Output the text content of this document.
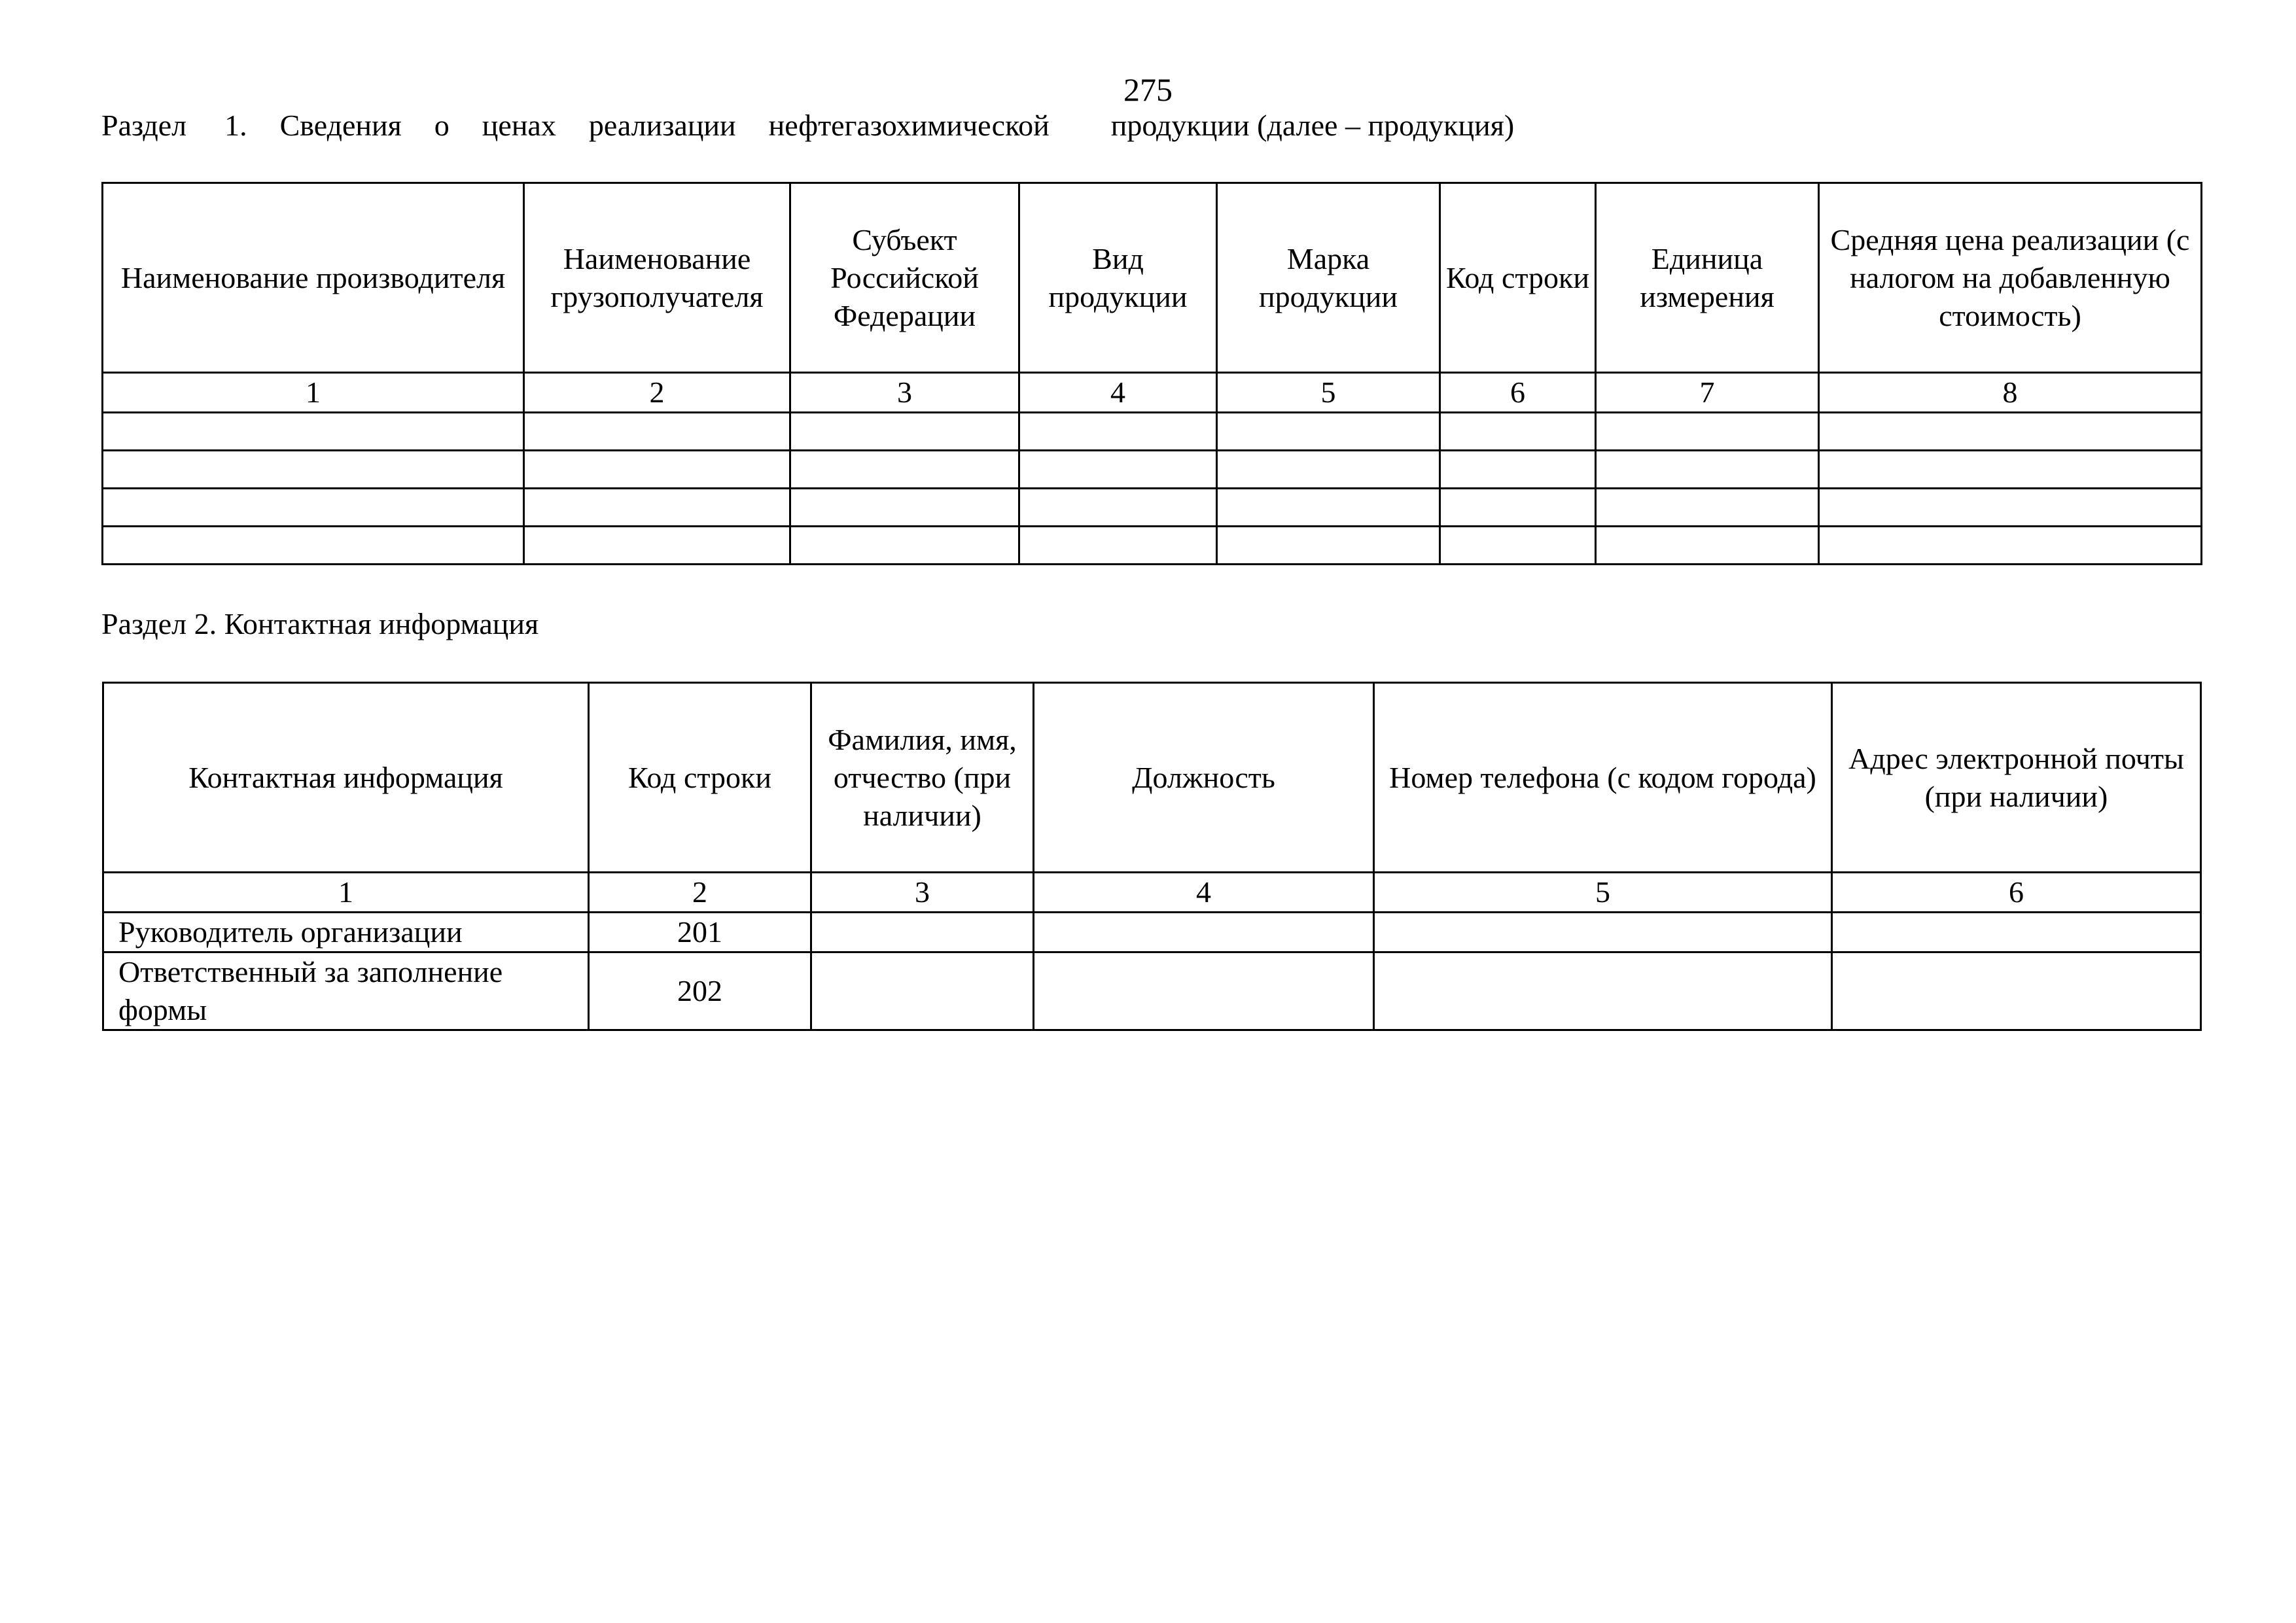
275
Раздел 1. Сведения о ценах реализации нефтегазохимической продукции (далее – продукция)
Наименование производителя	Наименование грузополучателя	Субъект Российской Федерации	Вид продукции	Марка продукции	Код строки	Единица измерения	Средняя цена реализации (с налогом на добавленную стоимость)
1	2	3	4	5	6	7	8

Раздел 2. Контактная информация
Контактная информация	Код строки	Фамилия, имя, отчество (при наличии)	Должность	Номер телефона (с кодом города)	Адрес электронной почты (при наличии)
1	2	3	4	5	6
Руководитель организации	201				
Ответственный за заполнение формы	202				
